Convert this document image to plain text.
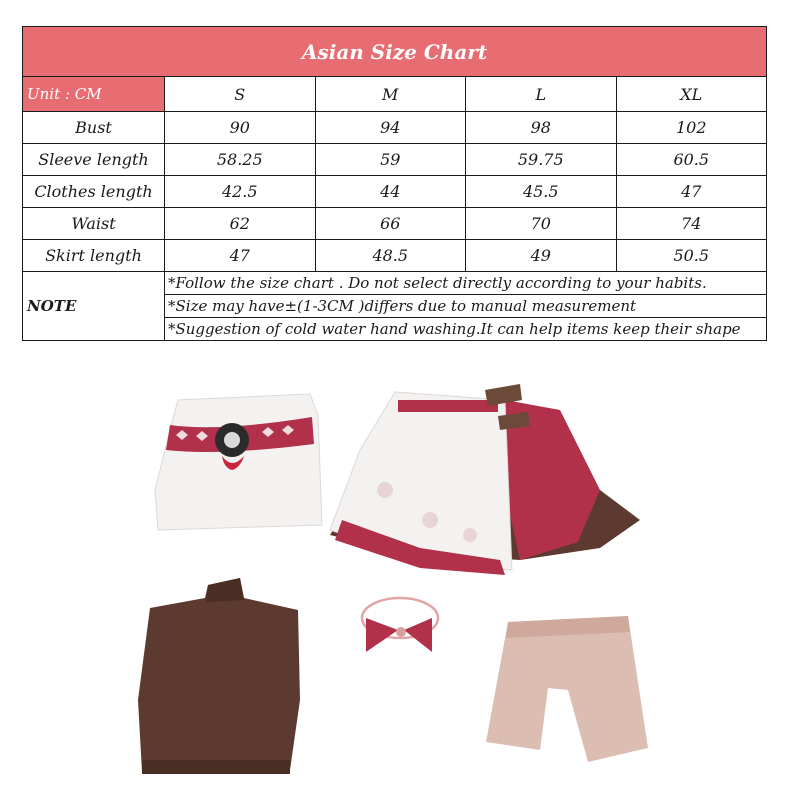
Asian Size Chart				
Unit : CM	S	M	L	XL
Bust	90	94	98	102
Sleeve length	58.25	59	59.75	60.5
Clothes length	42.5	44	45.5	47
Waist	62	66	70	74
Skirt length	47	48.5	49	50.5
NOTE	*Follow the size chart . Do not select directly according to your habits.			
	*Size may have±(1-3CM )differs due to manual measurement			
	*Suggestion of cold water hand washing.It can help items keep their shape			
